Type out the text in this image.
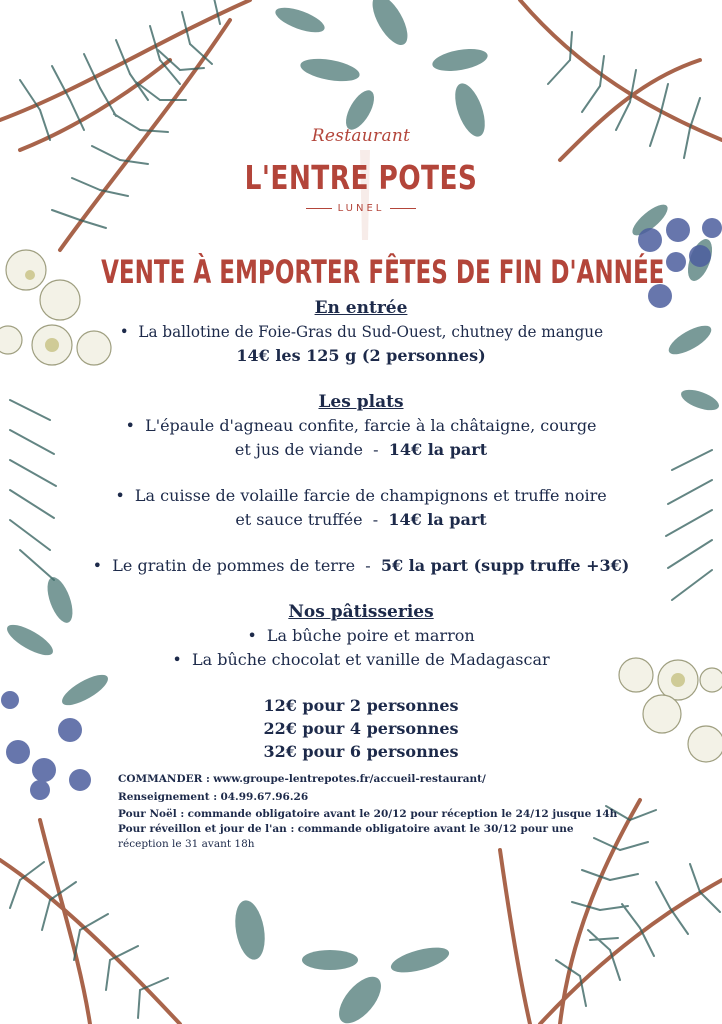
Restaurant
L'ENTRE POTES
LUNEL
VENTE À EMPORTER FÊTES DE FIN D'ANNÉE
En entrée
• La ballotine de Foie-Gras du Sud-Ouest, chutney de mangue
14€ les 125 g (2 personnes)
Les plats
• L'épaule d'agneau confite, farcie à la châtaigne, courge
et jus de viande - 14€ la part
• La cuisse de volaille farcie de champignons et truffe noire
et sauce truffée - 14€ la part
• Le gratin de pommes de terre - 5€ la part (supp truffe +3€)
Nos pâtisseries
• La bûche poire et marron
• La bûche chocolat et vanille de Madagascar
12€ pour 2 personnes
22€ pour 4 personnes
32€ pour 6 personnes
COMMANDER : www.groupe-lentrepotes.fr/accueil-restaurant/
Renseignement : 04.99.67.96.26
Pour Noël : commande obligatoire avant le 20/12 pour réception le 24/12 jusque 14h
Pour réveillon et jour de l'an : commande obligatoire avant le 30/12 pour une
réception le 31 avant 18h
